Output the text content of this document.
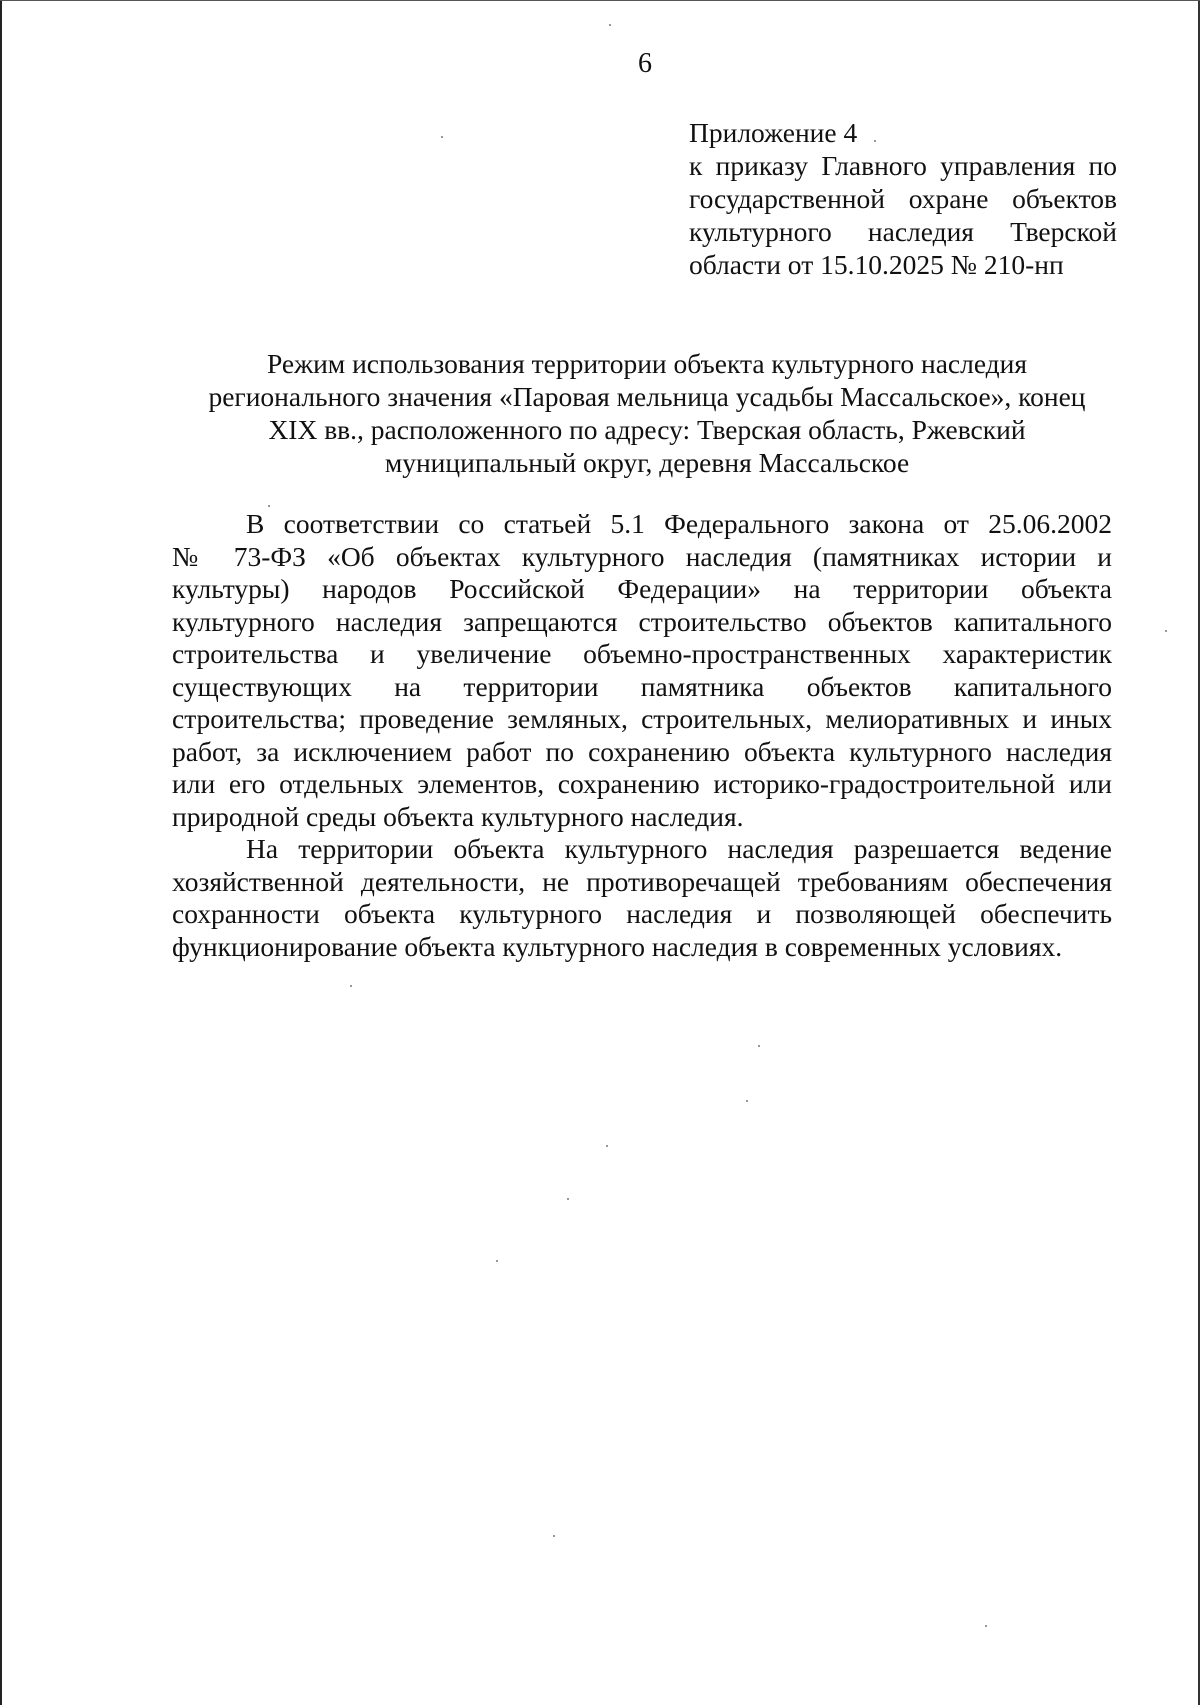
6
Приложение 4
к приказу Главного управления по
государственной охране объектов
культурного наследия Тверской
области от 15.10.2025 № 210-нп
Режим использования территории объекта культурного наследия
регионального значения «Паровая мельница усадьбы Массальское», конец
XIX вв., расположенного по адресу: Тверская область, Ржевский
муниципальный округ, деревня Массальское
В соответствии со статьей 5.1 Федерального закона от 25.06.2002
№ 73-ФЗ «Об объектах культурного наследия (памятниках истории и
культуры) народов Российской Федерации» на территории объекта
культурного наследия запрещаются строительство объектов капитального
строительства и увеличение объемно-пространственных характеристик
существующих на территории памятника объектов капитального
строительства; проведение земляных, строительных, мелиоративных и иных
работ, за исключением работ по сохранению объекта культурного наследия
или его отдельных элементов, сохранению историко-градостроительной или
природной среды объекта культурного наследия.
На территории объекта культурного наследия разрешается ведение
хозяйственной деятельности, не противоречащей требованиям обеспечения
сохранности объекта культурного наследия и позволяющей обеспечить
функционирование объекта культурного наследия в современных условиях.
